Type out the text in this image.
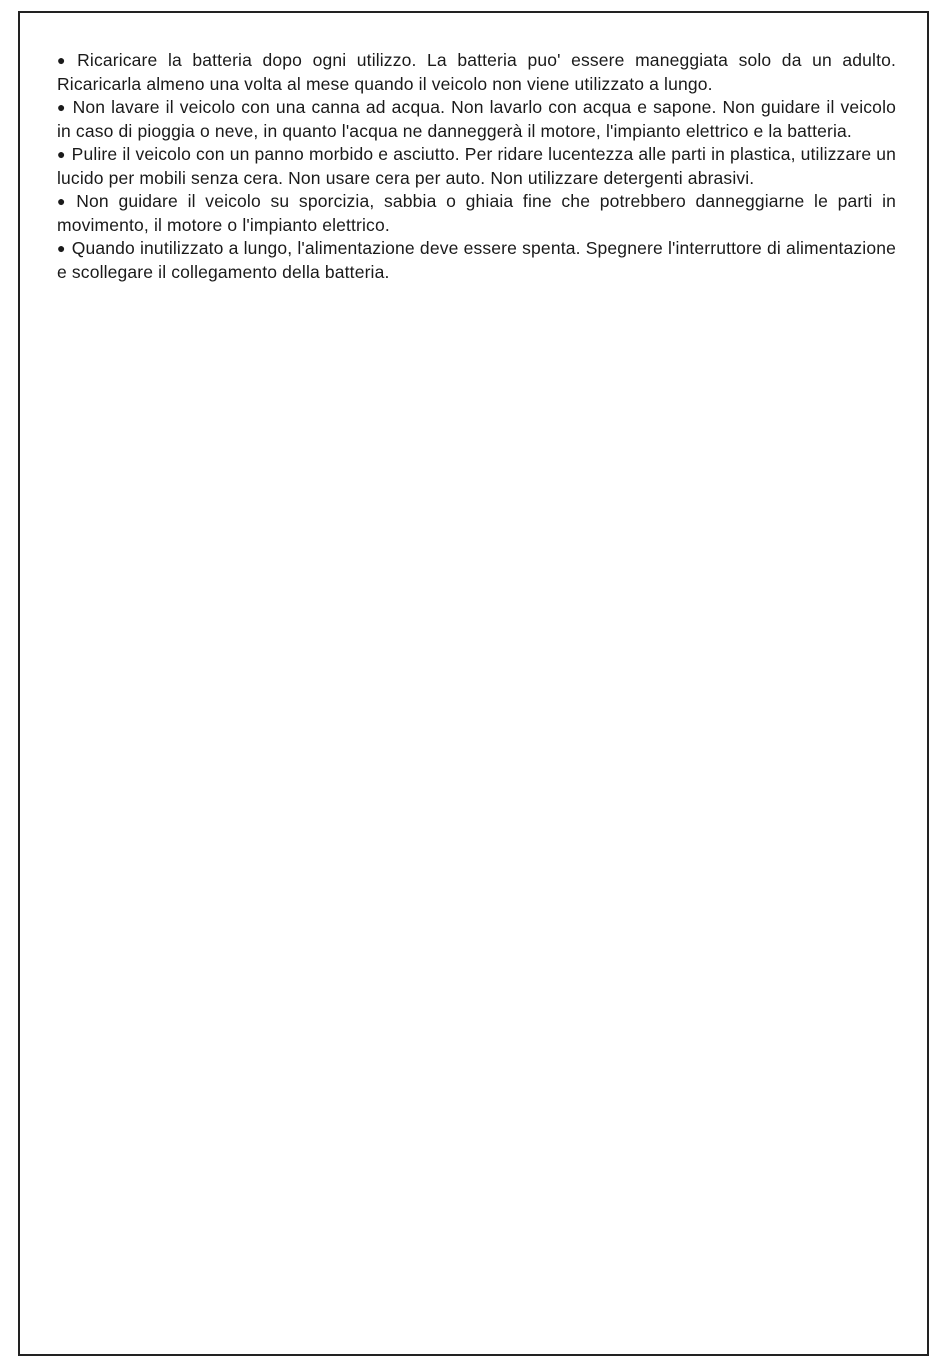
● Ricaricare la batteria dopo ogni utilizzo. La batteria puo' essere maneggiata solo da un adulto. Ricaricarla almeno una volta al mese quando il veicolo non viene utilizzato a lungo.

● Non lavare il veicolo con una canna ad acqua. Non lavarlo con acqua e sapone. Non guidare il veicolo in caso di pioggia o neve, in quanto l'acqua ne danneggerà il motore, l'impianto elettrico e la batteria.

● Pulire il veicolo con un panno morbido e asciutto. Per ridare lucentezza alle parti in plastica, utilizzare un lucido per mobili senza cera. Non usare cera per auto. Non utilizzare detergenti abrasivi.

● Non guidare il veicolo su sporcizia, sabbia o ghiaia fine che potrebbero danneggiarne le parti in movimento, il motore o l'impianto elettrico.

● Quando inutilizzato a lungo, l'alimentazione deve essere spenta. Spegnere l'interruttore di alimentazione e scollegare il collegamento della batteria.
